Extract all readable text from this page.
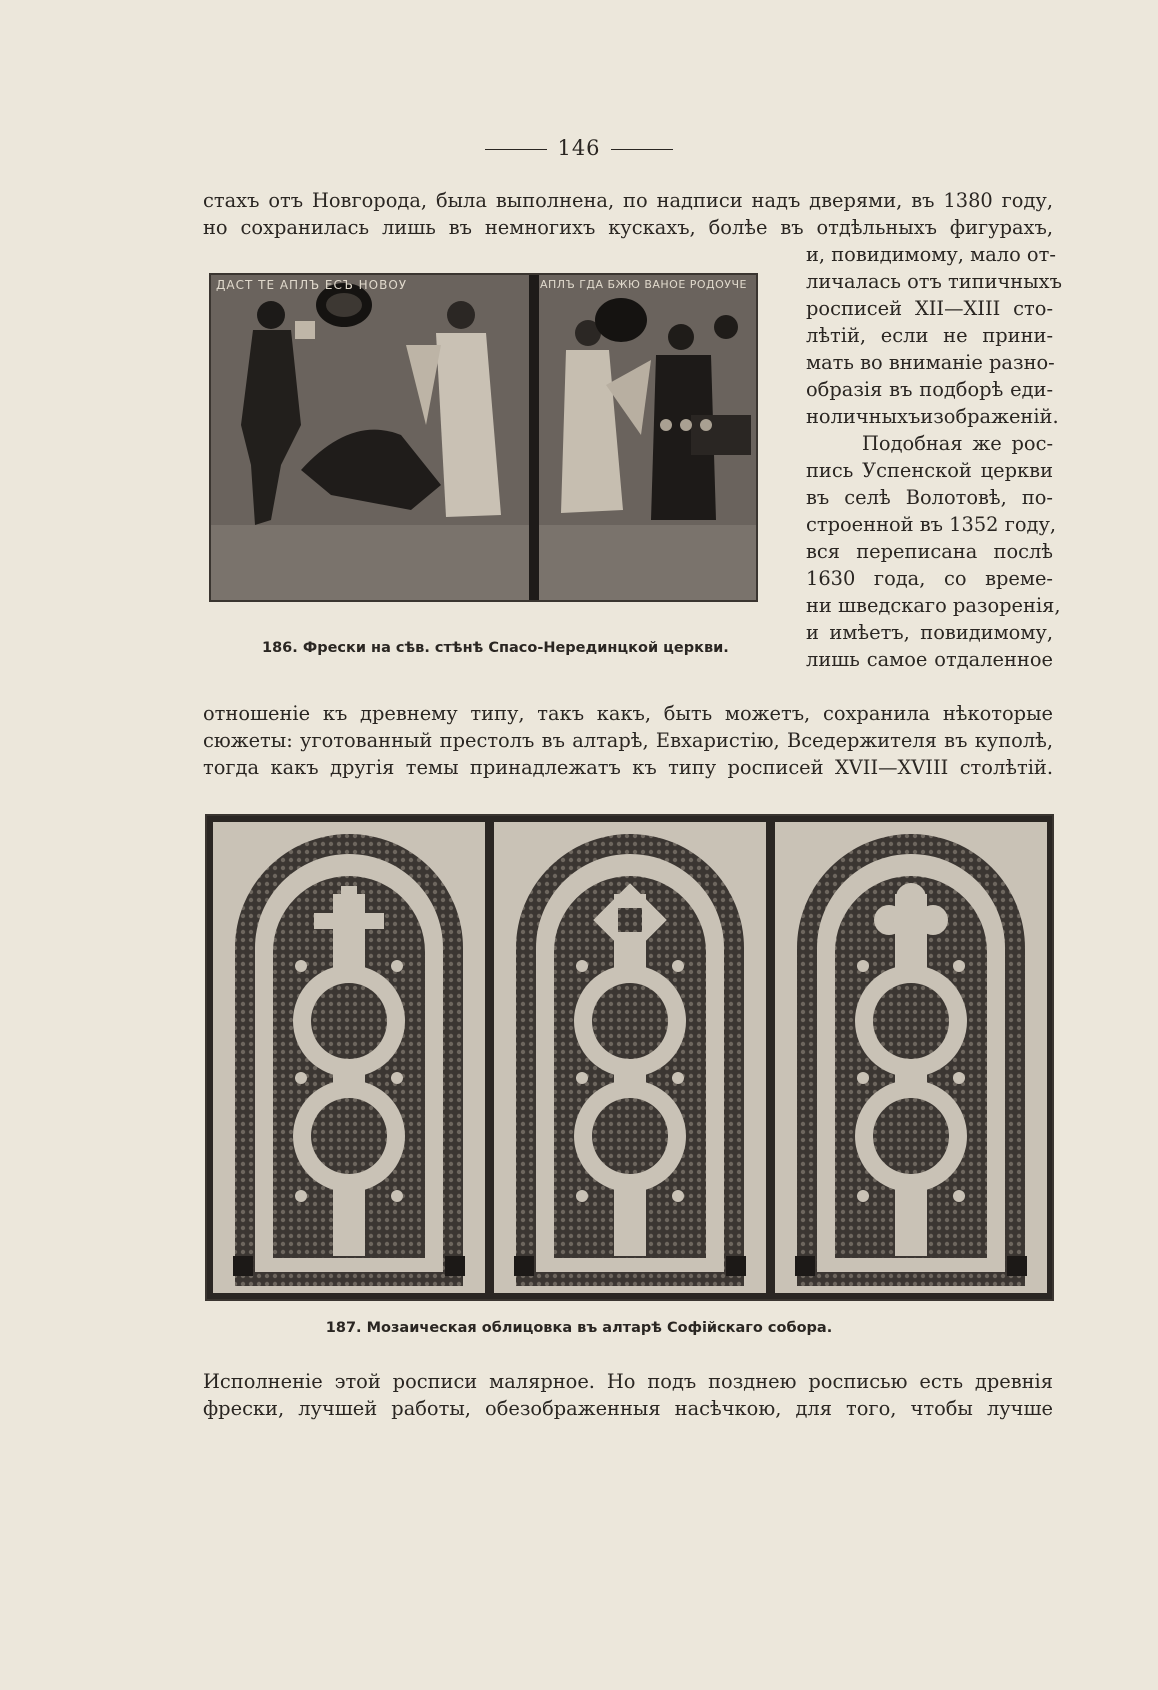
146
стахъ отъ Новгорода, была выполнена, по надписи надъ дверями, въ 1380 году,
но сохранилась лишь въ немногихъ кускахъ, болѣе въ отдѣльныхъ фигурахъ,
ДАСТ ТЕ АПЛЪ ЕСЪ НОВОУ	АПЛЪ ГДА БЖЮ ВАНОЕ РОДОУЧЕ
186. Фрески на сѣв. стѣнѣ Спасо-Нерединцкой церкви.
и, повидимому, мало от-
личалась отъ типичныхъ
росписей XII—XIII сто-
лѣтій, если не прини-
мать во вниманіе разно-
образія въ подборѣ еди-
ноличныхъизображеній.
Подобная же рос-
пись Успенской церкви
въ селѣ Волотовѣ, по-
строенной въ 1352 году,
вся переписана послѣ
1630 года, со време-
ни шведскаго разоренія,
и имѣетъ, повидимому,
лишь самое отдаленное
отношеніе къ древнему типу, такъ какъ, быть можетъ, сохранила нѣкоторые
сюжеты: уготованный престолъ въ алтарѣ, Евхаристію, Вседержителя въ куполѣ,
тогда какъ другія темы принадлежатъ къ типу росписей XVII—XVIII столѣтій.
187. Мозаическая облицовка въ алтарѣ Софійскаго собора.
Исполненіе этой росписи малярное. Но подъ позднею росписью есть древнія
фрески, лучшей работы, обезображенныя насѣчкою, для того, чтобы лучше
